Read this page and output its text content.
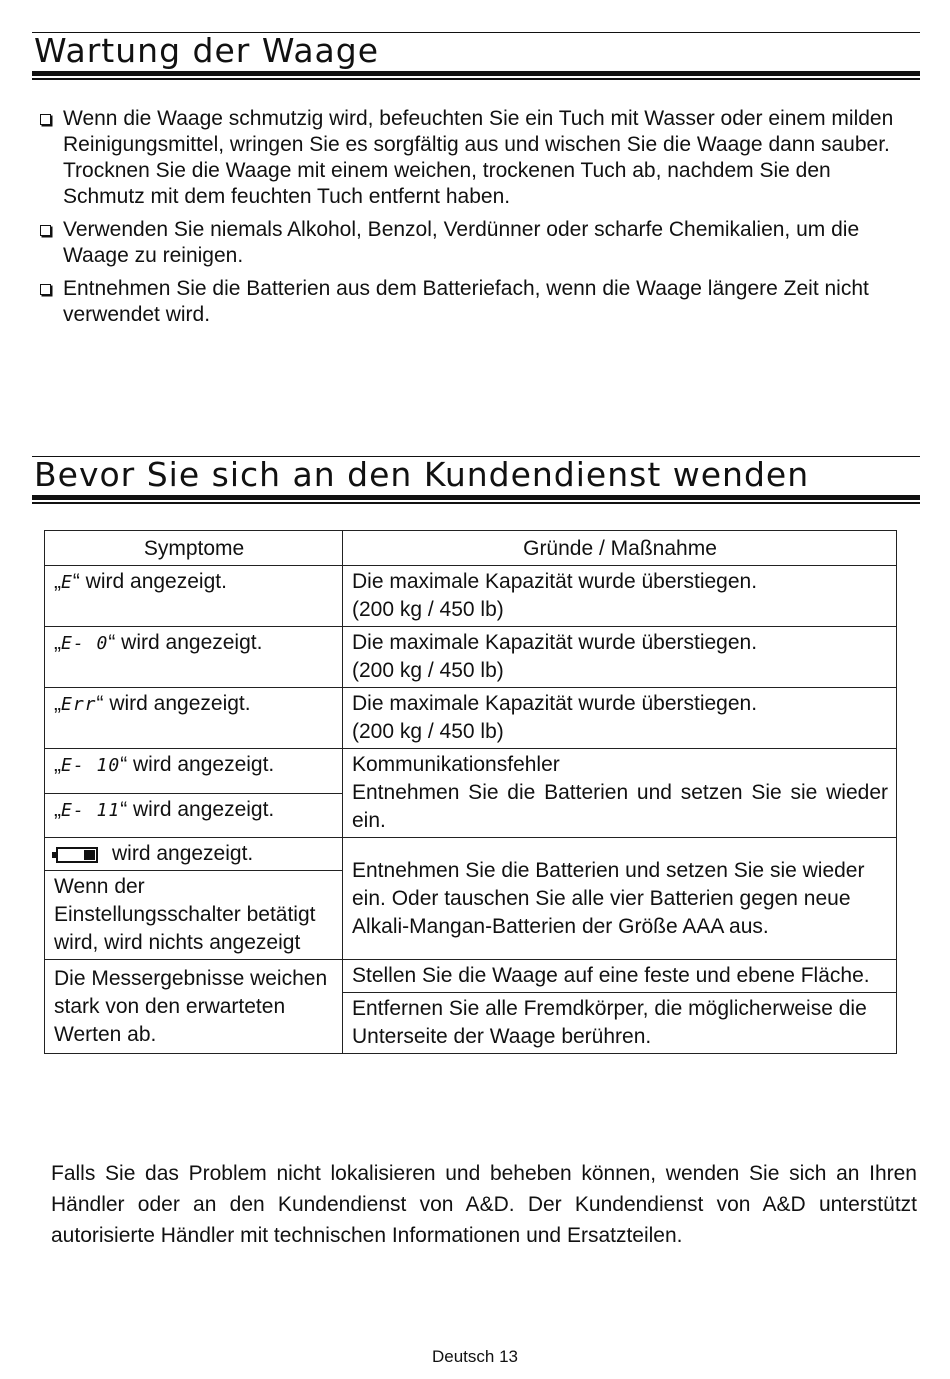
Wartung der Waage

Wenn die Waage schmutzig wird, befeuchten Sie ein Tuch mit Wasser oder einem milden Reinigungsmittel, wringen Sie es sorgfältig aus und wischen Sie die Waage dann sauber.

Trocknen Sie die Waage mit einem weichen, trockenen Tuch ab, nachdem Sie den Schmutz mit dem feuchten Tuch entfernt haben.

Verwenden Sie niemals Alkohol, Benzol, Verdünner oder scharfe Chemikalien, um die Waage zu reinigen.

Entnehmen Sie die Batterien aus dem Batteriefach, wenn die Waage längere Zeit nicht verwendet wird.

Bevor Sie sich an den Kundendienst wenden
Symptome	Gründe / Maßnahme
„E“ wird angezeigt.	Die maximale Kapazität wurde überstiegen.
(200 kg / 450 lb)

„E- 0“ wird angezeigt.	Die maximale Kapazität wurde überstiegen.
(200 kg / 450 lb)

„Err“ wird angezeigt.	Die maximale Kapazität wurde überstiegen.
(200 kg / 450 lb)

„E- 10“ wird angezeigt.	Kommunikationsfehler
Entnehmen Sie die Batterien und setzen Sie sie wieder ein.

„E- 11“ wird angezeigt.	

wird angezeigt.	Entnehmen Sie die Batterien und setzen Sie sie wieder ein. Oder tauschen Sie alle vier Batterien gegen neue Alkali-Mangan-Batterien der Größe AAA aus.

Wenn der Einstellungsschalter betätigt wird, wird nichts angezeigt	

Die Messergebnisse weichen stark von den erwarteten Werten ab.	Stellen Sie die Waage auf eine feste und ebene Fläche.

	Entfernen Sie alle Fremdkörper, die möglicherweise die Unterseite der Waage berühren.

Falls Sie das Problem nicht lokalisieren und beheben können, wenden Sie sich an Ihren Händler oder an den Kundendienst von A&D. Der Kundendienst von A&D unterstützt autorisierte Händler mit technischen Informationen und Ersatzteilen.

Deutsch 13
